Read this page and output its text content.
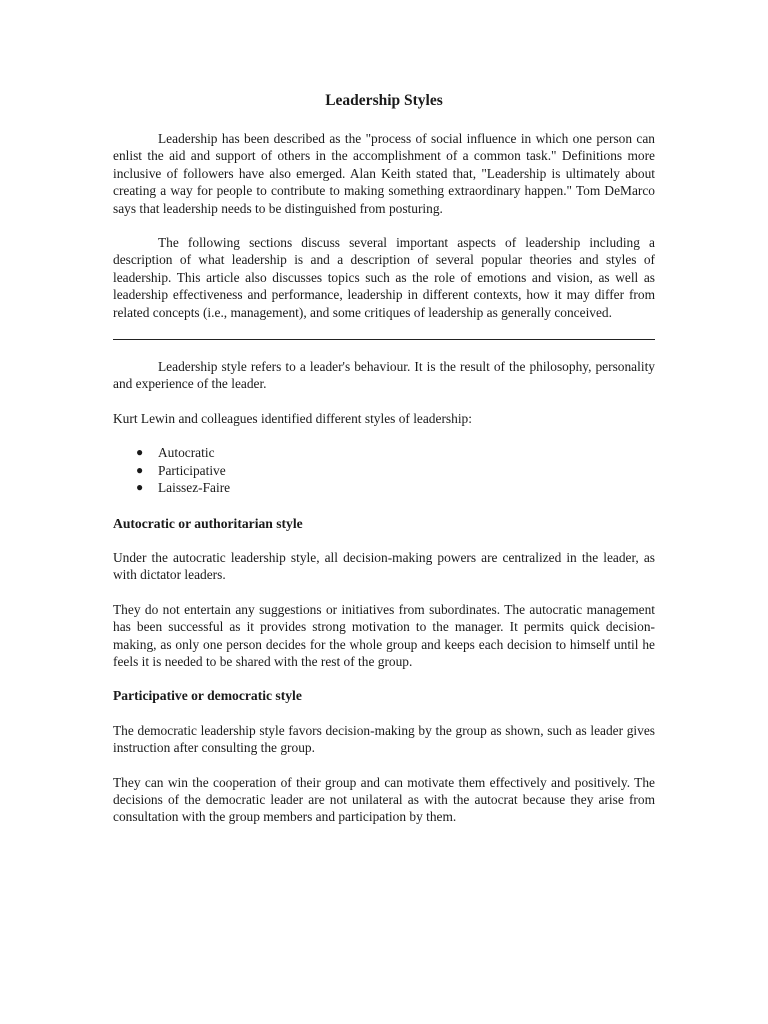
Leadership Styles

Leadership has been described as the "process of social influence in which one person can enlist the aid and support of others in the accomplishment of a common task." Definitions more inclusive of followers have also emerged. Alan Keith stated that, "Leadership is ultimately about creating a way for people to contribute to making something extraordinary happen." Tom DeMarco says that leadership needs to be distinguished from posturing.

The following sections discuss several important aspects of leadership including a description of what leadership is and a description of several popular theories and styles of leadership. This article also discusses topics such as the role of emotions and vision, as well as leadership effectiveness and performance, leadership in different contexts, how it may differ from related concepts (i.e., management), and some critiques of leadership as generally conceived.

Leadership style refers to a leader's behaviour. It is the result of the philosophy, personality and experience of the leader.

Kurt Lewin and colleagues identified different styles of leadership:

● Autocratic
● Participative
● Laissez-Faire
Autocratic or authoritarian style

Under the autocratic leadership style, all decision-making powers are centralized in the leader, as with dictator leaders.

They do not entertain any suggestions or initiatives from subordinates. The autocratic management has been successful as it provides strong motivation to the manager. It permits quick decision-making, as only one person decides for the whole group and keeps each decision to himself until he feels it is needed to be shared with the rest of the group.

Participative or democratic style

The democratic leadership style favors decision-making by the group as shown, such as leader gives instruction after consulting the group.

They can win the cooperation of their group and can motivate them effectively and positively. The decisions of the democratic leader are not unilateral as with the autocrat because they arise from consultation with the group members and participation by them.
